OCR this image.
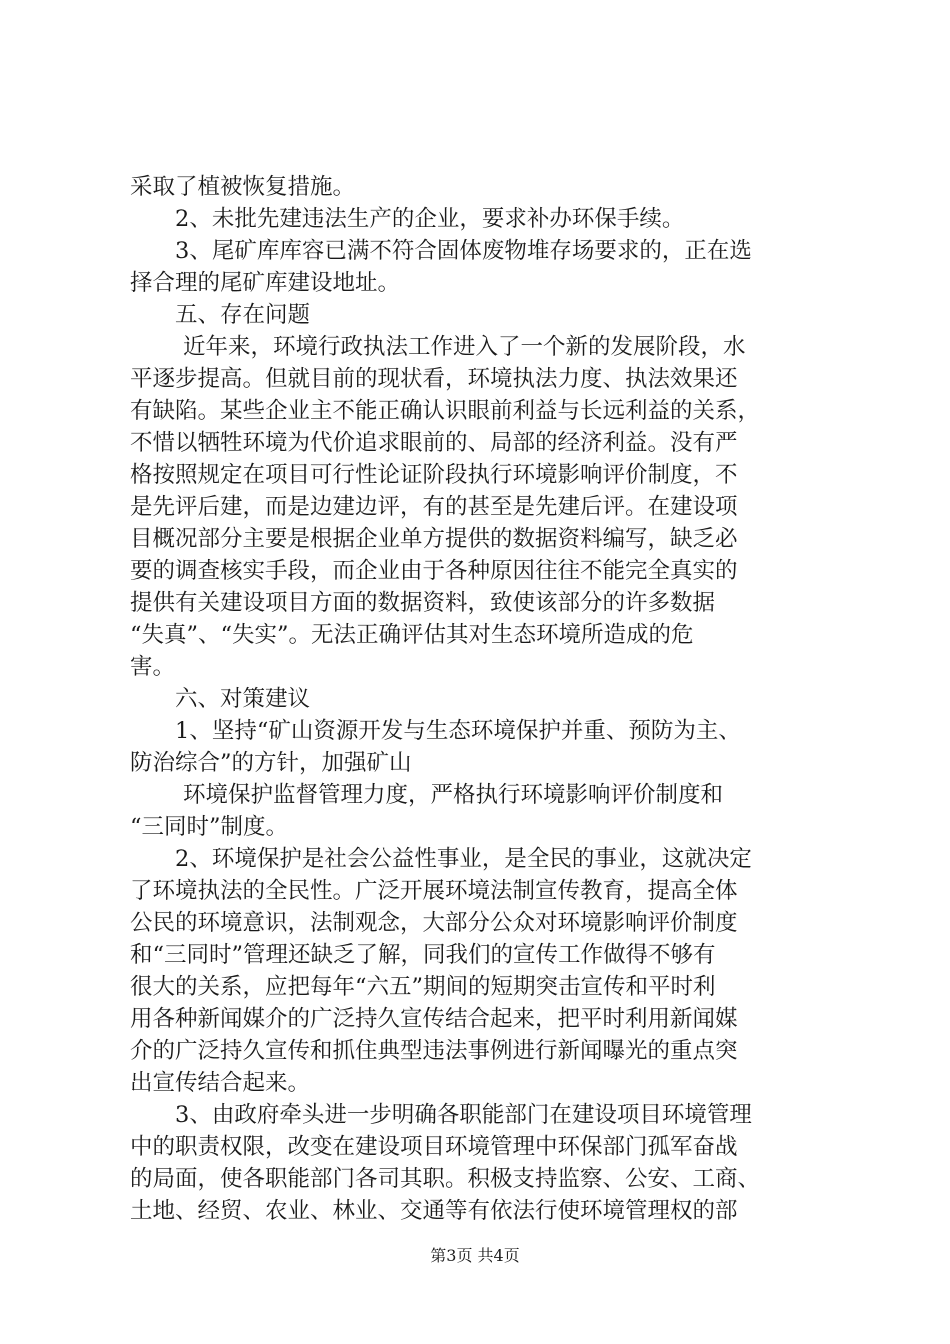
采取了植被恢复措施。

2、未批先建违法生产的企业，要求补办环保手续。

3、尾矿库库容已满不符合固体废物堆存场要求的，正在选

择合理的尾矿库建设地址。

五、存在问题

近年来，环境行政执法工作进入了一个新的发展阶段，水

平逐步提高。但就目前的现状看，环境执法力度、执法效果还

有缺陷。某些企业主不能正确认识眼前利益与长远利益的关系，

不惜以牺牲环境为代价追求眼前的、局部的经济利益。没有严

格按照规定在项目可行性论证阶段执行环境影响评价制度，不

是先评后建，而是边建边评，有的甚至是先建后评。在建设项

目概况部分主要是根据企业单方提供的数据资料编写，缺乏必

要的调查核实手段，而企业由于各种原因往往不能完全真实的

提供有关建设项目方面的数据资料，致使该部分的许多数据

“失真”、“失实”。无法正确评估其对生态环境所造成的危

害。

六、对策建议

1、坚持“矿山资源开发与生态环境保护并重、预防为主、

防治综合”的方针，加强矿山

环境保护监督管理力度，严格执行环境影响评价制度和

“三同时”制度。

2、环境保护是社会公益性事业，是全民的事业，这就决定

了环境执法的全民性。广泛开展环境法制宣传教育，提高全体

公民的环境意识，法制观念，大部分公众对环境影响评价制度

和“三同时”管理还缺乏了解，同我们的宣传工作做得不够有

很大的关系，应把每年“六五”期间的短期突击宣传和平时利

用各种新闻媒介的广泛持久宣传结合起来，把平时利用新闻媒

介的广泛持久宣传和抓住典型违法事例进行新闻曝光的重点突

出宣传结合起来。

3、由政府牵头进一步明确各职能部门在建设项目环境管理

中的职责权限，改变在建设项目环境管理中环保部门孤军奋战

的局面，使各职能部门各司其职。积极支持监察、公安、工商、

土地、经贸、农业、林业、交通等有依法行使环境管理权的部

第3页 共4页
